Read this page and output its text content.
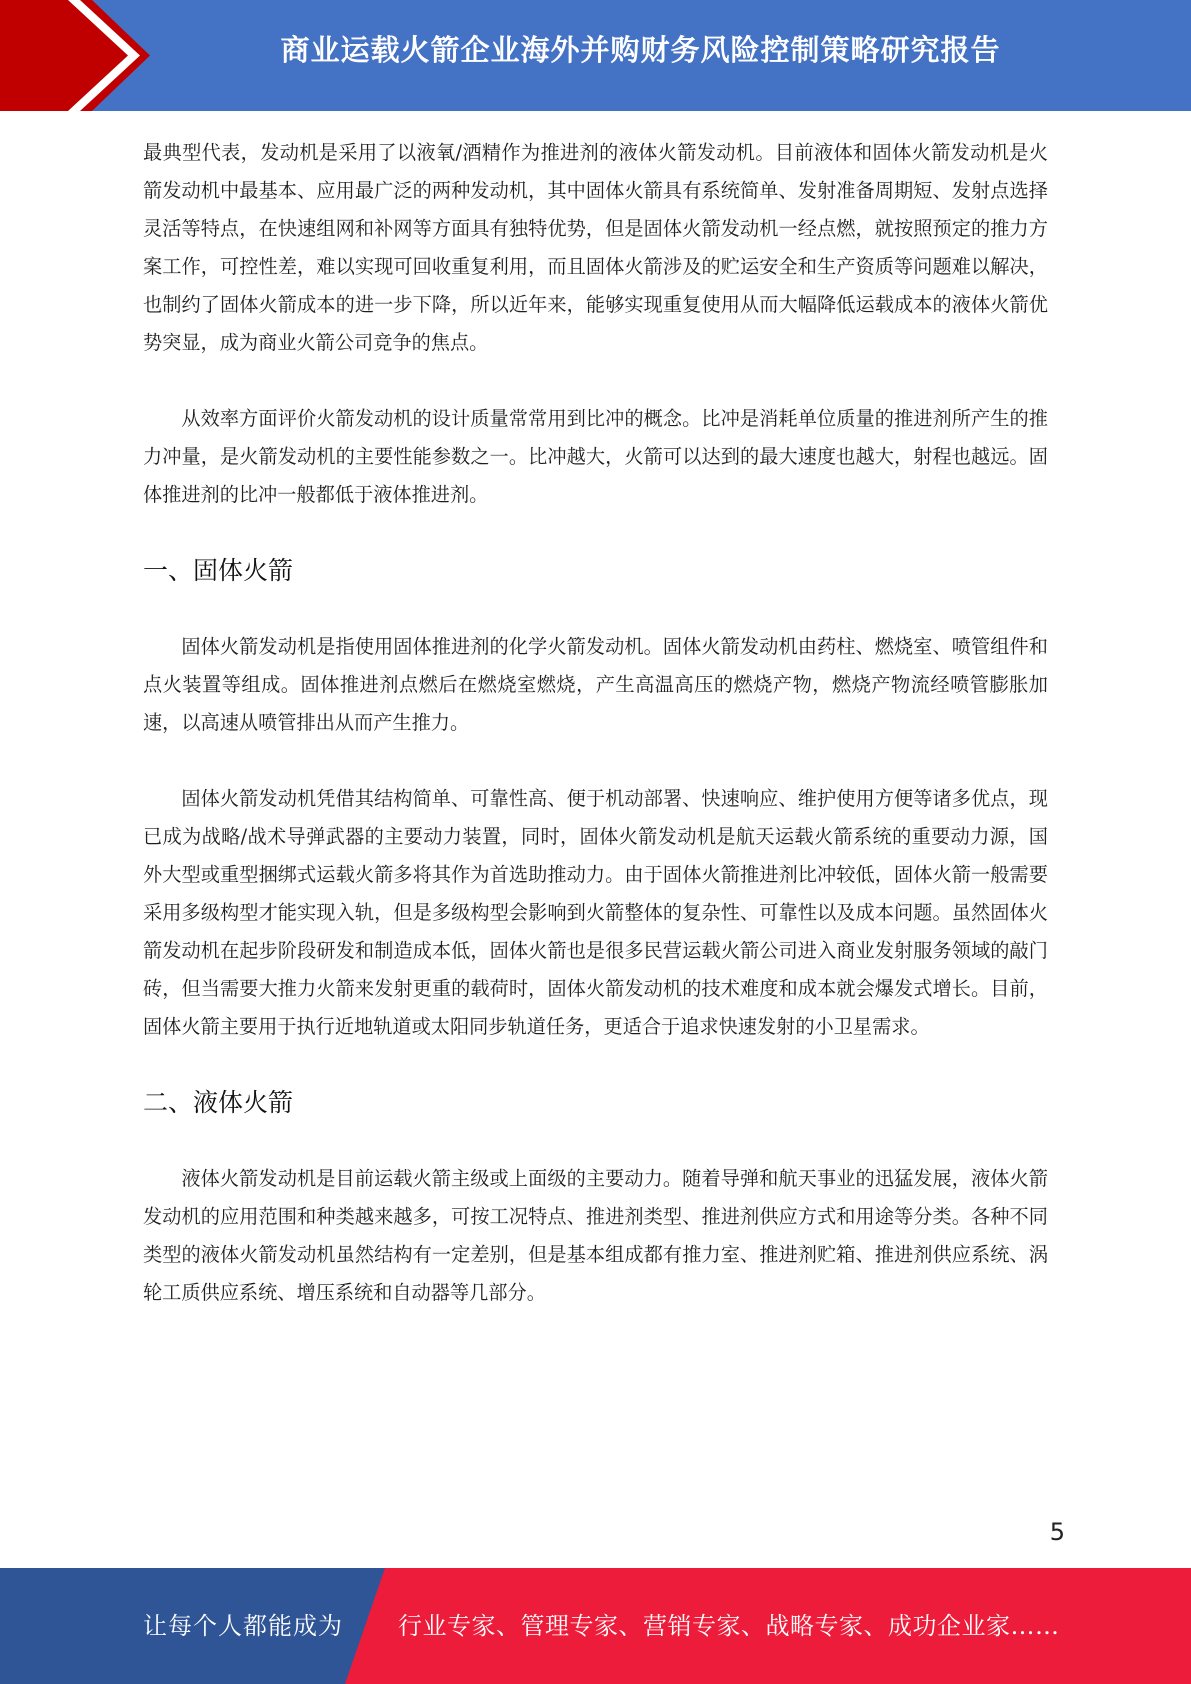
商业运载火箭企业海外并购财务风险控制策略研究报告

最典型代表，发动机是采用了以液氧/酒精作为推进剂的液体火箭发动机。目前液体和固体火箭发动机是火箭发动机中最基本、应用最广泛的两种发动机，其中固体火箭具有系统简单、发射准备周期短、发射点选择灵活等特点，在快速组网和补网等方面具有独特优势，但是固体火箭发动机一经点燃，就按照预定的推力方案工作，可控性差，难以实现可回收重复利用，而且固体火箭涉及的贮运安全和生产资质等问题难以解决，也制约了固体火箭成本的进一步下降，所以近年来，能够实现重复使用从而大幅降低运载成本的液体火箭优势突显，成为商业火箭公司竞争的焦点。

从效率方面评价火箭发动机的设计质量常常用到比冲的概念。比冲是消耗单位质量的推进剂所产生的推力冲量，是火箭发动机的主要性能参数之一。比冲越大，火箭可以达到的最大速度也越大，射程也越远。固体推进剂的比冲一般都低于液体推进剂。

一、固体火箭

固体火箭发动机是指使用固体推进剂的化学火箭发动机。固体火箭发动机由药柱、燃烧室、喷管组件和点火装置等组成。固体推进剂点燃后在燃烧室燃烧，产生高温高压的燃烧产物，燃烧产物流经喷管膨胀加速，以高速从喷管排出从而产生推力。

固体火箭发动机凭借其结构简单、可靠性高、便于机动部署、快速响应、维护使用方便等诸多优点，现已成为战略/战术导弹武器的主要动力装置，同时，固体火箭发动机是航天运载火箭系统的重要动力源，国外大型或重型捆绑式运载火箭多将其作为首选助推动力。由于固体火箭推进剂比冲较低，固体火箭一般需要采用多级构型才能实现入轨，但是多级构型会影响到火箭整体的复杂性、可靠性以及成本问题。虽然固体火箭发动机在起步阶段研发和制造成本低，固体火箭也是很多民营运载火箭公司进入商业发射服务领域的敲门砖，但当需要大推力火箭来发射更重的载荷时，固体火箭发动机的技术难度和成本就会爆发式增长。目前，固体火箭主要用于执行近地轨道或太阳同步轨道任务，更适合于追求快速发射的小卫星需求。

二、液体火箭

液体火箭发动机是目前运载火箭主级或上面级的主要动力。随着导弹和航天事业的迅猛发展，液体火箭发动机的应用范围和种类越来越多，可按工况特点、推进剂类型、推进剂供应方式和用途等分类。各种不同类型的液体火箭发动机虽然结构有一定差别，但是基本组成都有推力室、推进剂贮箱、推进剂供应系统、涡轮工质供应系统、增压系统和自动器等几部分。

5
让每个人都能成为 行业专家、管理专家、营销专家、战略专家、成功企业家……
